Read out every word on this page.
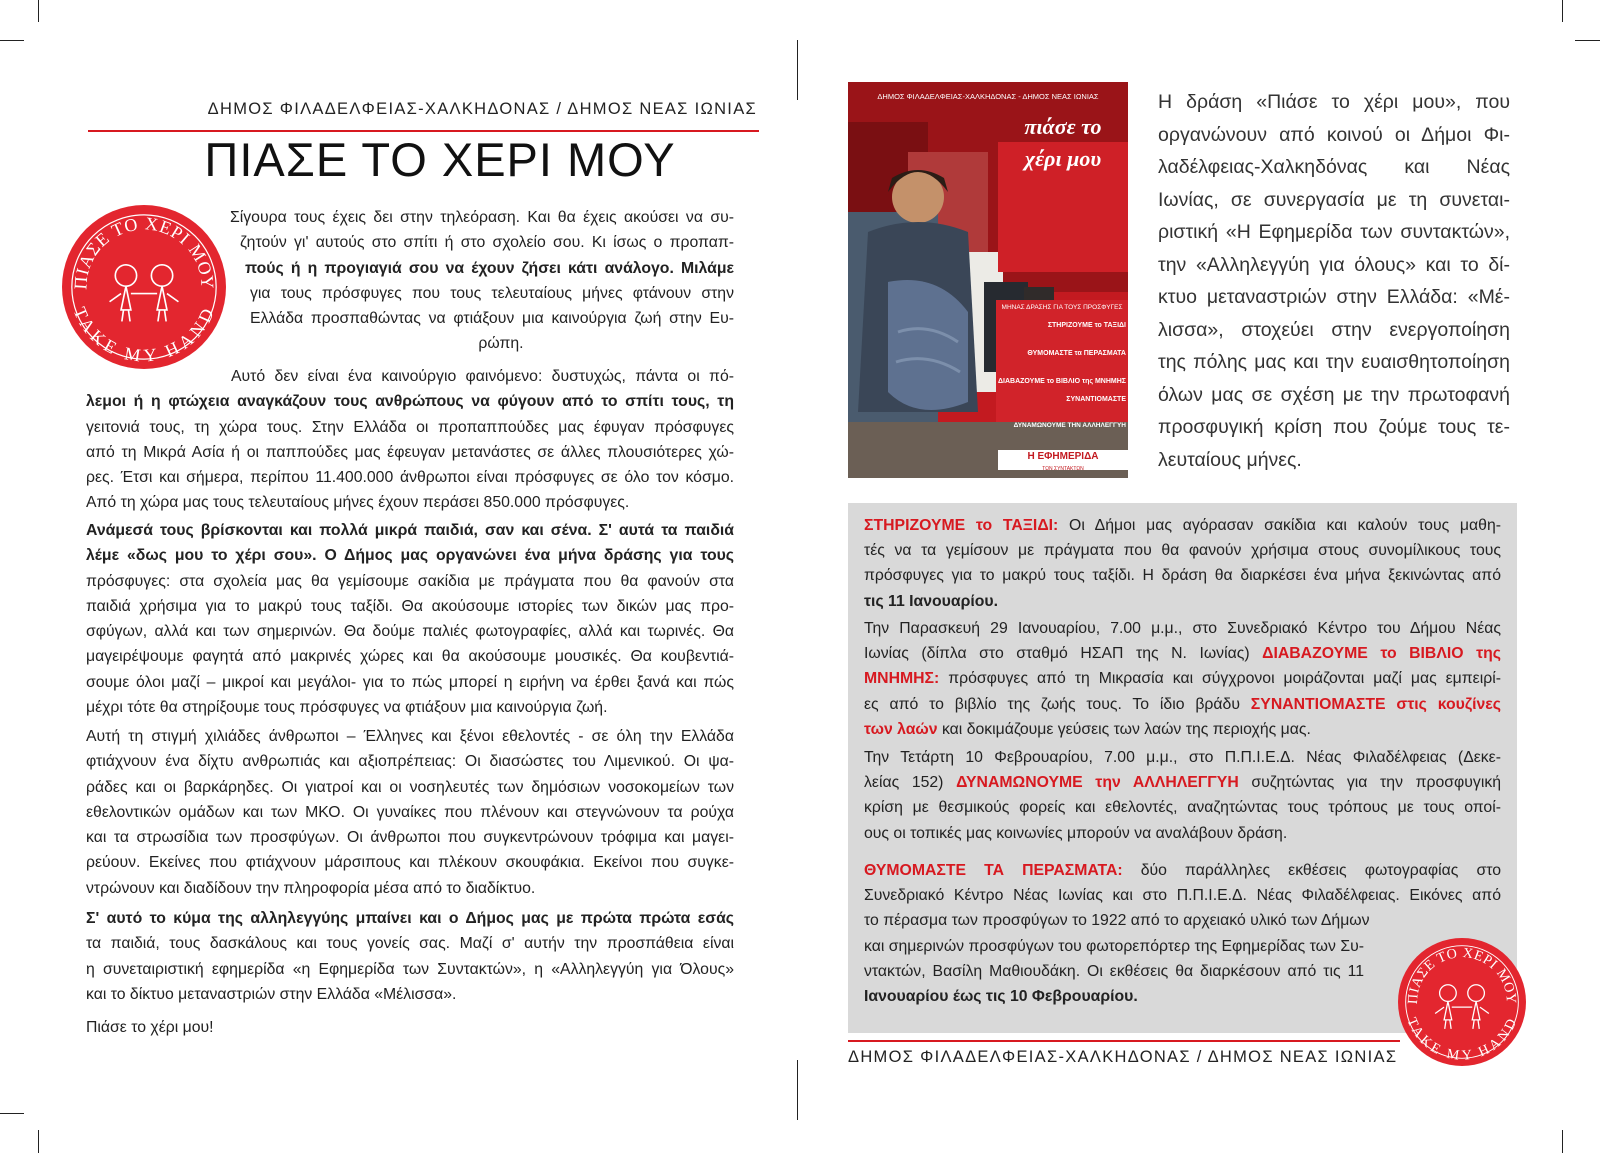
ΔΗΜΟΣ ΦΙΛΑΔΕΛΦΕΙΑΣ-ΧΑΛΚΗΔΟΝΑΣ / ΔΗΜΟΣ ΝΕΑΣ ΙΩΝΙΑΣ
ΠΙΑΣΕ ΤΟ ΧΕΡΙ ΜΟΥ
ΠΙΑΣΕ ΤΟ ΧΕΡΙ ΜΟΥ
TAKE MY HAND
Σίγουρα τους έχεις δει στην τηλεόραση. Και θα έχεις ακούσει να συ-
ζητούν γι' αυτούς στο σπίτι ή στο σχολείο σου. Κι ίσως ο προπαπ-
πούς ή η προγιαγιά σου να έχουν ζήσει κάτι ανάλογο. Μιλάμε
για τους πρόσφυγες που τους τελευταίους μήνες φτάνουν στην
Ελλάδα προσπαθώντας να φτιάξουν μια καινούργια ζωή στην Ευ-
ρώπη.
Αυτό δεν είναι ένα καινούργιο φαινόμενο: δυστυχώς, πάντα οι πό-
λεμοι ή η φτώχεια αναγκάζουν τους ανθρώπους να φύγουν από το σπίτι τους, τη
γειτονιά τους, τη χώρα τους. Στην Ελλάδα οι προπαππούδες μας έφυγαν πρόσφυγες
από τη Μικρά Ασία ή οι παππούδες μας έφευγαν μετανάστες σε άλλες πλουσιότερες χώ-
ρες. Έτσι και σήμερα, περίπου 11.400.000 άνθρωποι είναι πρόσφυγες σε όλο τον κόσμο.
Από τη χώρα μας τους τελευταίους μήνες έχουν περάσει 850.000 πρόσφυγες.
Ανάμεσά τους βρίσκονται και πολλά μικρά παιδιά, σαν και σένα. Σ' αυτά τα παιδιά
λέμε «δως μου το χέρι σου». Ο Δήμος μας οργανώνει ένα μήνα δράσης για τους
πρόσφυγες: στα σχολεία μας θα γεμίσουμε σακίδια με πράγματα που θα φανούν στα
παιδιά χρήσιμα για το μακρύ τους ταξίδι. Θα ακούσουμε ιστορίες των δικών μας προ-
σφύγων, αλλά και των σημερινών. Θα δούμε παλιές φωτογραφίες, αλλά και τωρινές. Θα
μαγειρέψουμε φαγητά από μακρινές χώρες και θα ακούσουμε μουσικές. Θα κουβεντιά-
σουμε όλοι μαζί – μικροί και μεγάλοι- για το πώς μπορεί η ειρήνη να έρθει ξανά και πώς
μέχρι τότε θα στηρίξουμε τους πρόσφυγες να φτιάξουν μια καινούργια ζωή.
Αυτή τη στιγμή χιλιάδες άνθρωποι – Έλληνες και ξένοι εθελοντές - σε όλη την Ελλάδα
φτιάχνουν ένα δίχτυ ανθρωπιάς και αξιοπρέπειας: Οι διασώστες του Λιμενικού. Οι ψα-
ράδες και οι βαρκάρηδες. Οι γιατροί και οι νοσηλευτές των δημόσιων νοσοκομείων των
εθελοντικών ομάδων και των ΜΚΟ. Οι γυναίκες που πλένουν και στεγνώνουν τα ρούχα
και τα στρωσίδια των προσφύγων. Οι άνθρωποι που συγκεντρώνουν τρόφιμα και μαγει-
ρεύουν. Εκείνες που φτιάχνουν μάρσιπους και πλέκουν σκουφάκια. Εκείνοι που συγκε-
ντρώνουν και διαδίδουν την πληροφορία μέσα από το διαδίκτυο.
Σ' αυτό το κύμα της αλληλεγγύης μπαίνει και ο Δήμος μας με πρώτα πρώτα εσάς
τα παιδιά, τους δασκάλους και τους γονείς σας. Μαζί σ' αυτήν την προσπάθεια είναι
η συνεταιριστική εφημερίδα «η Εφημερίδα των Συντακτών», η «Αλληλεγγύη για Όλους»
και το δίκτυο μεταναστριών στην Ελλάδα «Μέλισσα».
Πιάσε το χέρι μου!
ΔΗΜΟΣ ΦΙΛΑΔΕΛΦΕΙΑΣ-ΧΑΛΚΗΔΟΝΑΣ - ΔΗΜΟΣ ΝΕΑΣ ΙΩΝΙΑΣ
πιάσε το
χέρι μου
ΜΗΝΑΣ ΔΡΑΣΗΣ ΓΙΑ ΤΟΥΣ ΠΡΟΣΦΥΓΕΣ
ΣΤΗΡΙΖΟΥΜΕ το ΤΑΞΙΔΙ
ΘΥΜΟΜΑΣΤΕ τα ΠΕΡΑΣΜΑΤΑ
ΔΙΑΒΑΖΟΥΜΕ το ΒΙΒΛΙΟ της ΜΝΗΜΗΣ
ΣΥΝΑΝΤΙΟΜΑΣΤΕ
ΔΥΝΑΜΩΝΟΥΜΕ ΤΗΝ ΑΛΛΗΛΕΓΓΥΗ
Η ΕΦΗΜΕΡΙΔΑ
ΤΩΝ ΣΥΝΤΑΚΤΩΝ
Η δράση «Πιάσε το χέρι μου», που
οργανώνουν από κοινού οι Δήμοι Φι-
λαδέλφειας-Χαλκηδόνας και Νέας
Ιωνίας, σε συνεργασία με τη συνεται-
ριστική «Η Εφημερίδα των συντακτών»,
την «Αλληλεγγύη για όλους» και το δί-
κτυο μεταναστριών στην Ελλάδα: «Μέ-
λισσα», στοχεύει στην ενεργοποίηση
της πόλης μας και την ευαισθητοποίηση
όλων μας σε σχέση με την πρωτοφανή
προσφυγική κρίση που ζούμε τους τε-
λευταίους μήνες.
ΣΤΗΡΙΖΟΥΜΕ το ΤΑΞΙΔΙ: Οι Δήμοι μας αγόρασαν σακίδια και καλούν τους μαθη-
τές να τα γεμίσουν με πράγματα που θα φανούν χρήσιμα στους συνομίλικους τους
πρόσφυγες για το μακρύ τους ταξίδι. Η δράση θα διαρκέσει ένα μήνα ξεκινώντας από
τις 11 Ιανουαρίου.
Την Παρασκευή 29 Ιανουαρίου, 7.00 μ.μ., στο Συνεδριακό Κέντρο του Δήμου Νέας
Ιωνίας (δίπλα στο σταθμό ΗΣΑΠ της Ν. Ιωνίας) ΔΙΑΒΑΖΟΥΜΕ το ΒΙΒΛΙΟ της
ΜΝΗΜΗΣ: πρόσφυγες από τη Μικρασία και σύγχρονοι μοιράζονται μαζί μας εμπειρί-
ες από το βιβλίο της ζωής τους. Το ίδιο βράδυ ΣΥΝΑΝΤΙΟΜΑΣΤΕ στις κουζίνες
των λαών και δοκιμάζουμε γεύσεις των λαών της περιοχής μας.
Την Τετάρτη 10 Φεβρουαρίου, 7.00 μ.μ., στο Π.Π.Ι.Ε.Δ. Νέας Φιλαδέλφειας (Δεκε-
λείας 152) ΔΥΝΑΜΩΝΟΥΜΕ την ΑΛΛΗΛΕΓΓΥΗ συζητώντας για την προσφυγική
κρίση με θεσμικούς φορείς και εθελοντές, αναζητώντας τους τρόπους με τους οποί-
ους οι τοπικές μας κοινωνίες μπορούν να αναλάβουν δράση.
ΘΥΜΟΜΑΣΤΕ ΤΑ ΠΕΡΑΣΜΑΤΑ: δύο παράλληλες εκθέσεις φωτογραφίας στο
Συνεδριακό Κέντρο Νέας Ιωνίας και στο Π.Π.Ι.Ε.Δ. Νέας Φιλαδέλφειας. Εικόνες από
το πέρασμα των προσφύγων το 1922 από το αρχειακό υλικό των Δήμων
και σημερινών προσφύγων του φωτορεπόρτερ της Εφημερίδας των Συ-
ντακτών, Βασίλη Μαθιουδάκη. Οι εκθέσεις θα διαρκέσουν από τις 11
Ιανουαρίου έως τις 10 Φεβρουαρίου.	ΠΙΑΣΕ ΤΟ ΧΕΡΙ ΜΟΥ
TAKE MY HAND
ΔΗΜΟΣ ΦΙΛΑΔΕΛΦΕΙΑΣ-ΧΑΛΚΗΔΟΝΑΣ / ΔΗΜΟΣ ΝΕΑΣ ΙΩΝΙΑΣ
